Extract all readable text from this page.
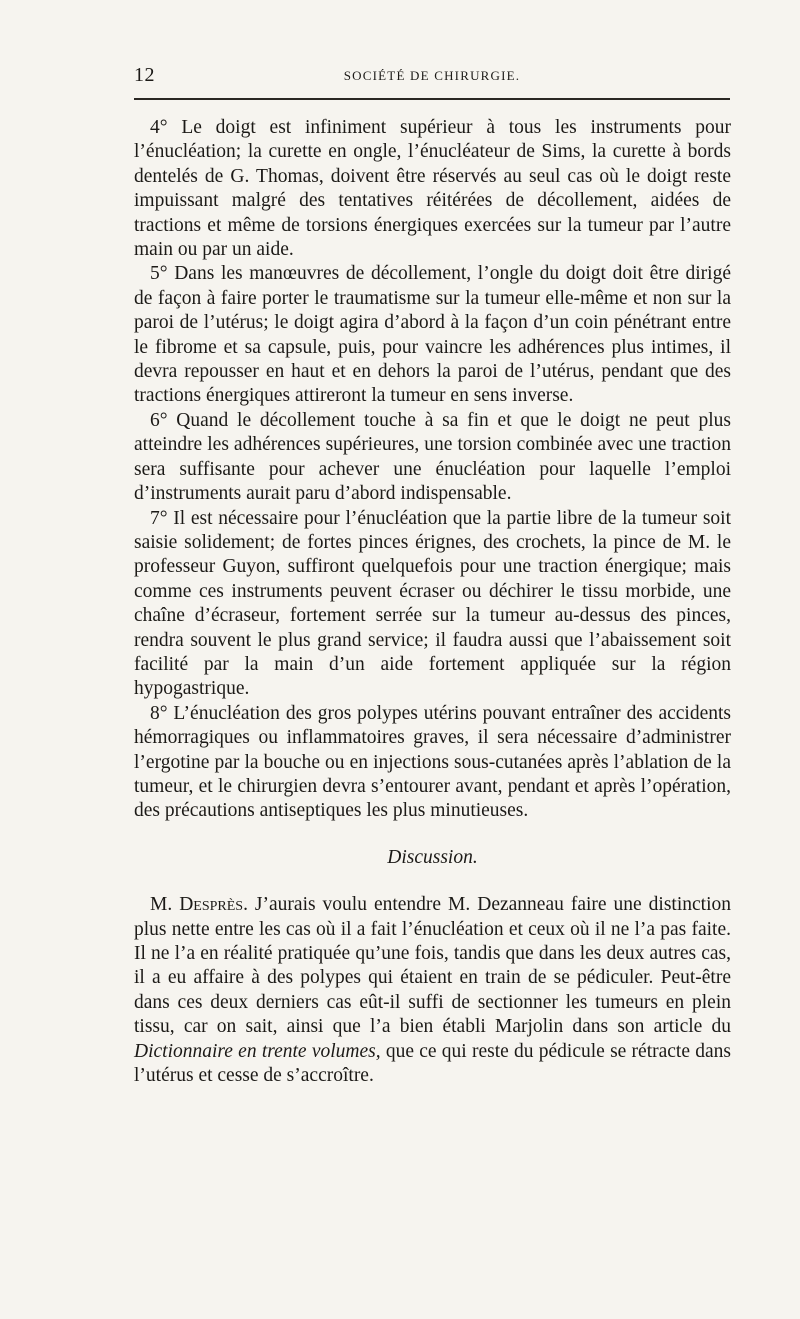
12	SOCIÉTÉ DE CHIRURGIE.

4° Le doigt est infiniment supérieur à tous les instruments pour l’énucléation; la curette en ongle, l’énucléateur de Sims, la curette à bords dentelés de G. Thomas, doivent être réservés au seul cas où le doigt reste impuissant malgré des tentatives réitérées de décollement, aidées de tractions et même de torsions énergiques exercées sur la tumeur par l’autre main ou par un aide.

5° Dans les manœuvres de décollement, l’ongle du doigt doit être dirigé de façon à faire porter le traumatisme sur la tumeur elle-même et non sur la paroi de l’utérus; le doigt agira d’abord à la façon d’un coin pénétrant entre le fibrome et sa capsule, puis, pour vaincre les adhérences plus intimes, il devra repousser en haut et en dehors la paroi de l’utérus, pendant que des tractions énergiques attireront la tumeur en sens inverse.

6° Quand le décollement touche à sa fin et que le doigt ne peut plus atteindre les adhérences supérieures, une torsion combinée avec une traction sera suffisante pour achever une énucléation pour laquelle l’emploi d’instruments aurait paru d’abord indispensable.

7° Il est nécessaire pour l’énucléation que la partie libre de la tumeur soit saisie solidement; de fortes pinces érignes, des crochets, la pince de M. le professeur Guyon, suffiront quelquefois pour une traction énergique; mais comme ces instruments peuvent écraser ou déchirer le tissu morbide, une chaîne d’écraseur, fortement serrée sur la tumeur au-dessus des pinces, rendra souvent le plus grand service; il faudra aussi que l’abaissement soit facilité par la main d’un aide fortement appliquée sur la région hypogastrique.

8° L’énucléation des gros polypes utérins pouvant entraîner des accidents hémorragiques ou inflammatoires graves, il sera nécessaire d’administrer l’ergotine par la bouche ou en injections sous-cutanées après l’ablation de la tumeur, et le chirurgien devra s’entourer avant, pendant et après l’opération, des précautions antiseptiques les plus minutieuses.

Discussion.

M. Desprès. J’aurais voulu entendre M. Dezanneau faire une distinction plus nette entre les cas où il a fait l’énucléation et ceux où il ne l’a pas faite. Il ne l’a en réalité pratiquée qu’une fois, tandis que dans les deux autres cas, il a eu affaire à des polypes qui étaient en train de se pédiculer. Peut-être dans ces deux derniers cas eût-il suffi de sectionner les tumeurs en plein tissu, car on sait, ainsi que l’a bien établi Marjolin dans son article du Dictionnaire en trente volumes, que ce qui reste du pédicule se rétracte dans l’utérus et cesse de s’accroître.
